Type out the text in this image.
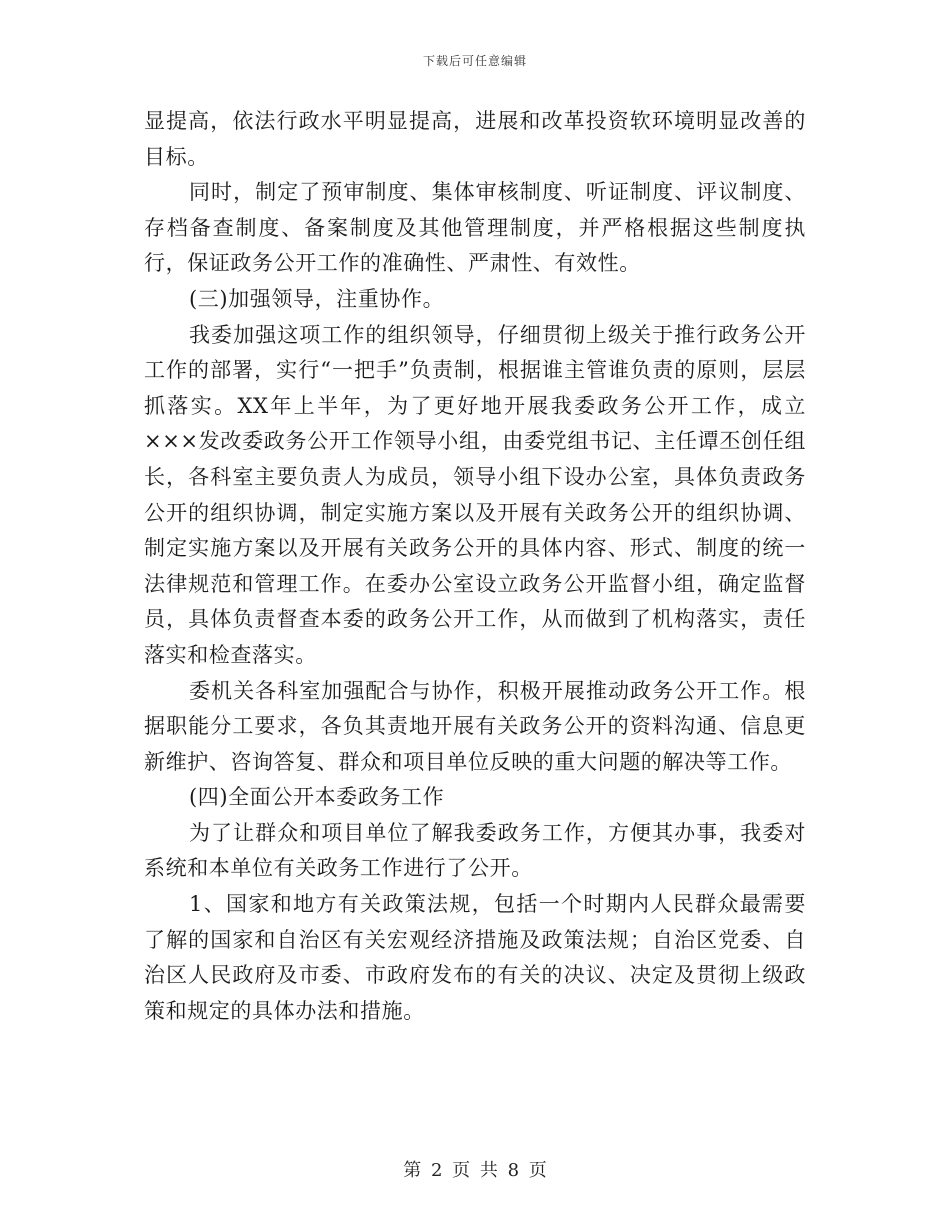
下载后可任意编辑

显提高，依法行政水平明显提高，进展和改革投资软环境明显改善的目标。

同时，制定了预审制度、集体审核制度、听证制度、评议制度、存档备查制度、备案制度及其他管理制度，并严格根据这些制度执行，保证政务公开工作的准确性、严肃性、有效性。

(三)加强领导，注重协作。

我委加强这项工作的组织领导，仔细贯彻上级关于推行政务公开工作的部署，实行“一把手”负责制，根据谁主管谁负责的原则，层层抓落实。XX年上半年，为了更好地开展我委政务公开工作，成立×××发改委政务公开工作领导小组，由委党组书记、主任谭丕创任组长，各科室主要负责人为成员，领导小组下设办公室，具体负责政务公开的组织协调，制定实施方案以及开展有关政务公开的组织协调、制定实施方案以及开展有关政务公开的具体内容、形式、制度的统一法律规范和管理工作。在委办公室设立政务公开监督小组，确定监督员，具体负责督查本委的政务公开工作，从而做到了机构落实，责任落实和检查落实。

委机关各科室加强配合与协作，积极开展推动政务公开工作。根据职能分工要求，各负其责地开展有关政务公开的资料沟通、信息更新维护、咨询答复、群众和项目单位反映的重大问题的解决等工作。

(四)全面公开本委政务工作

为了让群众和项目单位了解我委政务工作，方便其办事，我委对系统和本单位有关政务工作进行了公开。

1、国家和地方有关政策法规，包括一个时期内人民群众最需要了解的国家和自治区有关宏观经济措施及政策法规；自治区党委、自治区人民政府及市委、市政府发布的有关的决议、决定及贯彻上级政策和规定的具体办法和措施。

第 2 页 共 8 页
